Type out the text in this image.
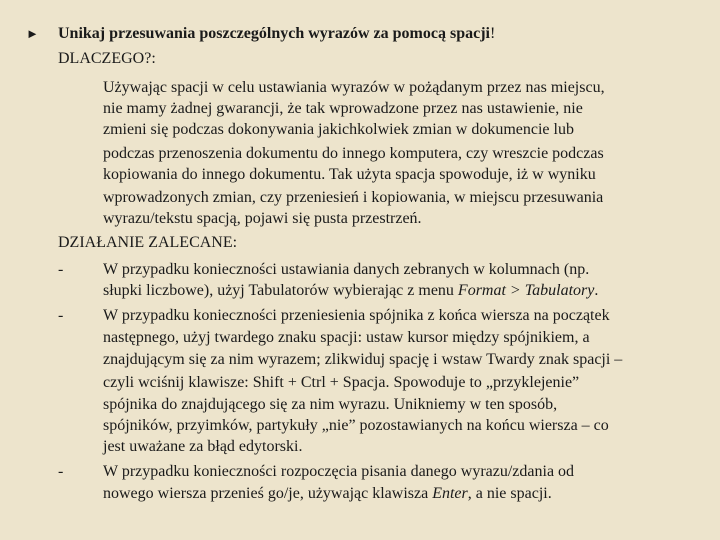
► Unikaj przesuwania poszczególnych wyrazów za pomocą spacji!
DLACZEGO?:
Używając spacji w celu ustawiania wyrazów w pożądanym przez nas miejscu,
nie mamy żadnej gwarancji, że tak wprowadzone przez nas ustawienie, nie
zmieni się podczas dokonywania jakichkolwiek zmian w dokumencie lub
podczas przenoszenia dokumentu do innego komputera, czy wreszcie podczas
kopiowania do innego dokumentu. Tak użyta spacja spowoduje, iż w wyniku
wprowadzonych zmian, czy przeniesień i kopiowania, w miejscu przesuwania
wyrazu/tekstu spacją, pojawi się pusta przestrzeń.
DZIAŁANIE ZALECANE:
- W przypadku konieczności ustawiania danych zebranych w kolumnach (np.
słupki liczbowe), użyj Tabulatorów wybierając z menu Format > Tabulatory.
- W przypadku konieczności przeniesienia spójnika z końca wiersza na początek
następnego, użyj twardego znaku spacji: ustaw kursor między spójnikiem, a
znajdującym się za nim wyrazem; zlikwiduj spację i wstaw Twardy znak spacji –
czyli wciśnij klawisze: Shift + Ctrl + Spacja. Spowoduje to „przyklejenie”
spójnika do znajdującego się za nim wyrazu. Unikniemy w ten sposób,
spójników, przyimków, partykuły „nie” pozostawianych na końcu wiersza – co
jest uważane za błąd edytorski.
- W przypadku konieczności rozpoczęcia pisania danego wyrazu/zdania od
nowego wiersza przenieś go/je, używając klawisza Enter, a nie spacji.
